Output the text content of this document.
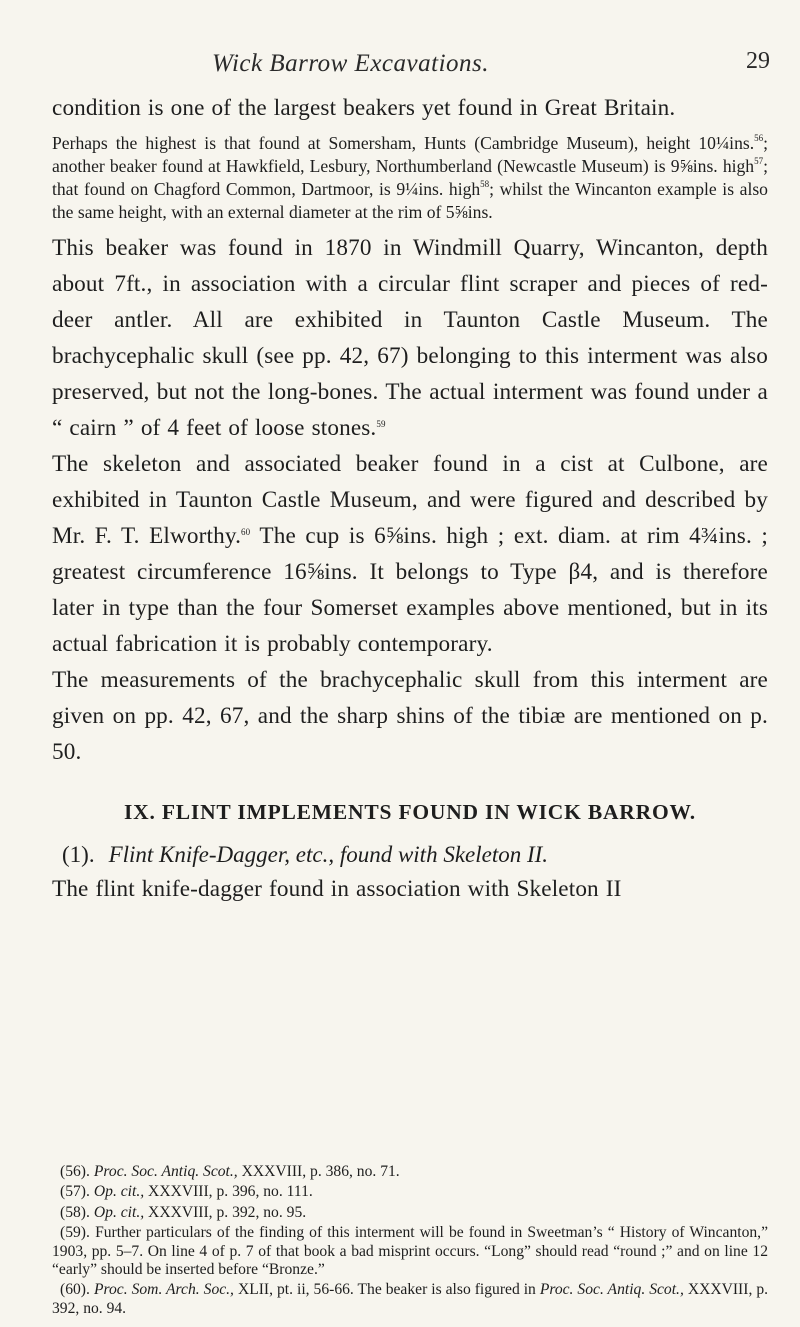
Wick Barrow Excavations.	29

condition is one of the largest beakers yet found in Great Britain.

Perhaps the highest is that found at Somersham, Hunts (Cambridge Museum), height 10¼ins.$^{56}$; another beaker found at Hawkfield, Lesbury, Northumberland (Newcastle Museum) is 9⅝ins. high$^{57}$; that found on Chagford Common, Dartmoor, is 9¼ins. high$^{58}$; whilst the Wincanton example is also the same height, with an external diameter at the rim of 5⅝ins.

This beaker was found in 1870 in Windmill Quarry, Wincanton, depth about 7ft., in association with a circular flint scraper and pieces of red-deer antler. All are exhibited in Taunton Castle Museum. The brachycephalic skull (see pp. 42, 67) belonging to this interment was also preserved, but not the long-bones. The actual interment was found under a “ cairn ” of 4 feet of loose stones.$^{59}$

The skeleton and associated beaker found in a cist at Culbone, are exhibited in Taunton Castle Museum, and were figured and described by Mr. F. T. Elworthy.$^{60}$ The cup is 6⅝ins. high ; ext. diam. at rim 4¾ins. ; greatest circumference 16⅝ins. It belongs to Type β4, and is therefore later in type than the four Somerset examples above mentioned, but in its actual fabrication it is probably contemporary.

The measurements of the brachycephalic skull from this interment are given on pp. 42, 67, and the sharp shins of the tibiæ are mentioned on p. 50.

IX. FLINT IMPLEMENTS FOUND IN WICK BARROW.

(1). Flint Knife-Dagger, etc., found with Skeleton II.

The flint knife-dagger found in association with Skeleton II

(56). Proc. Soc. Antiq. Scot., XXXVIII, p. 386, no. 71.

(57). Op. cit., XXXVIII, p. 396, no. 111.

(58). Op. cit., XXXVIII, p. 392, no. 95.

(59). Further particulars of the finding of this interment will be found in Sweetman’s “ History of Wincanton,” 1903, pp. 5–7. On line 4 of p. 7 of that book a bad misprint occurs. “Long” should read “round ;” and on line 12 “early” should be inserted before “Bronze.”

(60). Proc. Som. Arch. Soc., XLII, pt. ii, 56-66. The beaker is also figured in Proc. Soc. Antiq. Scot., XXXVIII, p. 392, no. 94.
